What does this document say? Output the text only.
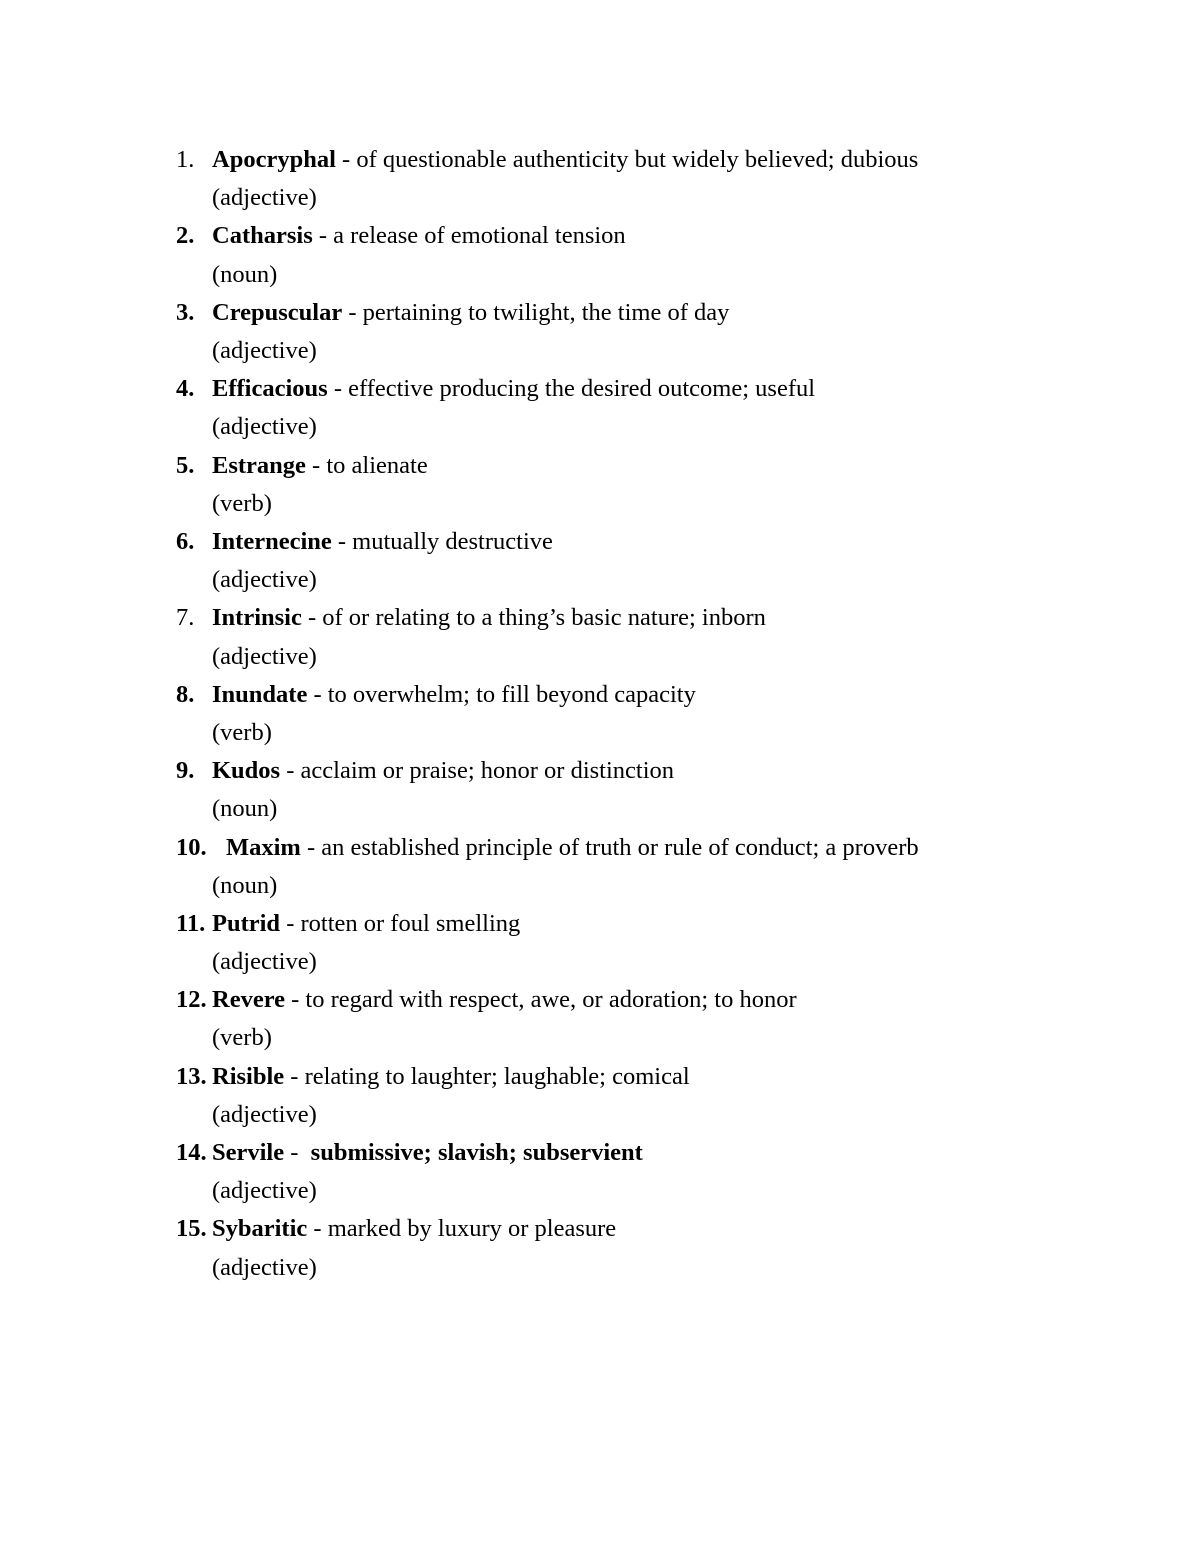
1. Apocryphal - of questionable authenticity but widely believed; dubious
(adjective)
2. Catharsis - a release of emotional tension
(noun)
3. Crepuscular - pertaining to twilight, the time of day
(adjective)
4. Efficacious - effective producing the desired outcome; useful
(adjective)
5. Estrange - to alienate
(verb)
6. Internecine - mutually destructive
(adjective)
7. Intrinsic - of or relating to a thing’s basic nature; inborn
(adjective)
8. Inundate - to overwhelm; to fill beyond capacity
(verb)
9. Kudos - acclaim or praise; honor or distinction
(noun)
10. Maxim - an established principle of truth or rule of conduct; a proverb
(noun)
11. Putrid - rotten or foul smelling
(adjective)
12. Revere - to regard with respect, awe, or adoration; to honor
(verb)
13. Risible - relating to laughter; laughable; comical
(adjective)
14. Servile -  submissive; slavish; subservient
(adjective)
15. Sybaritic - marked by luxury or pleasure
(adjective)
